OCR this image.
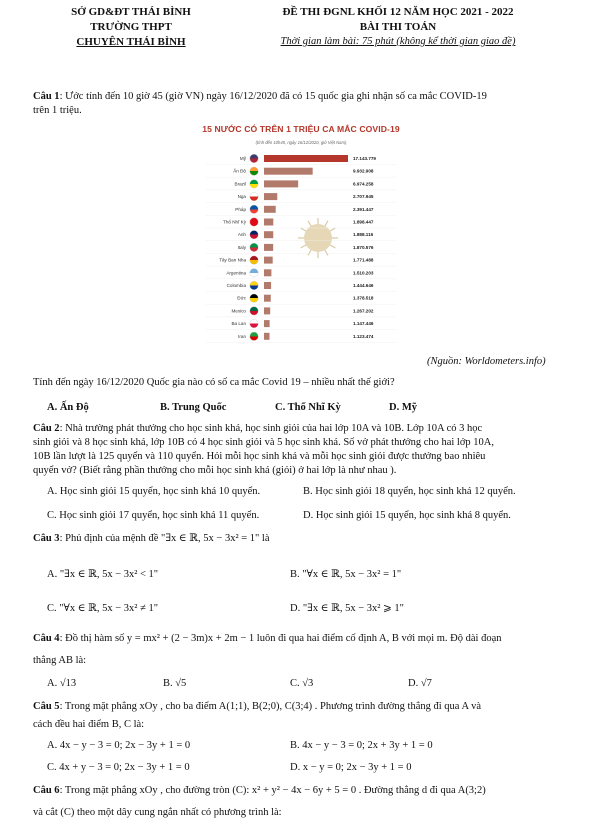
SỞ GD&ĐT THÁI BÌNH
TRƯỜNG THPT
CHUYÊN THÁI BÌNH
ĐỀ THI ĐGNL KHỐI 12 NĂM HỌC 2021 - 2022
BÀI THI TOÁN
Thời gian làm bài: 75 phút (không kể thời gian giao đề)
Câu 1: Ước tính đến 10 giờ 45 (giờ VN) ngày 16/12/2020 đã có 15 quốc gia ghi nhận số ca mắc COVID-19
trên 1 triệu.
15 NƯỚC CÓ TRÊN 1 TRIỆU CA MẮC COVID-19
(tính đến 10h45, ngày 16/12/2020, giờ Việt Nam)
Mỹ	17.143.779
Ấn Độ	9.932.908
Brazil	6.974.258
Nga	2.707.945
Pháp	2.391.447
Thổ Nhĩ Kỳ	1.898.447
Anh	1.888.116
Italy	1.870.576
Tây Ban Nha	1.771.488
Argentina	1.510.203
Colombia	1.444.646
Đức	1.378.518
Mexico	1.267.202
Ba Lan	1.147.446
Iran	1.123.474
(Nguồn: Worldometers.info)
Tính đến ngày 16/12/2020 Quốc gia nào có số ca mắc Covid 19 – nhiều nhất thế giới?
A. Ấn Độ	B. Trung Quốc	C. Thổ Nhĩ Kỳ	D. Mỹ
Câu 2: Nhà trường phát thưởng cho học sinh khá, học sinh giỏi của hai lớp 10A và 10B. Lớp 10A có 3 học
sinh giỏi và 8 học sinh khá, lớp 10B có 4 học sinh giỏi và 5 học sinh khá. Số vở phát thưởng cho hai lớp 10A,
10B lần lượt là 125 quyển và 110 quyển. Hỏi mỗi học sinh khá và mỗi học sinh giỏi được thưởng bao nhiêu
quyển vở? (Biết rằng phần thưởng cho mỗi học sinh khá (giỏi) ở hai lớp là như nhau ).
A. Học sinh giỏi 15 quyển, học sinh khá 10 quyển.	B. Học sinh giỏi 18 quyển, học sinh khá 12 quyển.
C. Học sinh giỏi 17 quyển, học sinh khá 11 quyển.	D. Học sinh giỏi 15 quyển, học sinh khá 8 quyển.
Câu 3: Phủ định của mệnh đề "∃x ∈ ℝ, 5x − 3x² = 1" là
A. "∃x ∈ ℝ, 5x − 3x² < 1"	B. "∀x ∈ ℝ, 5x − 3x² = 1"
C. "∀x ∈ ℝ, 5x − 3x² ≠ 1"	D. "∃x ∈ ℝ, 5x − 3x² ⩾ 1"
Câu 4: Đồ thị hàm số y = mx² + (2 − 3m)x + 2m − 1 luôn đi qua hai điểm cố định A, B với mọi m. Độ dài đoạn
thẳng AB là:
A. √13	B. √5	C. √3	D. √7
Câu 5: Trong mặt phẳng xOy , cho ba điểm A(1;1), B(2;0), C(3;4) . Phương trình đường thẳng đi qua A và
cách đều hai điểm B, C là:
A. 4x − y − 3 = 0; 2x − 3y + 1 = 0	B. 4x − y − 3 = 0; 2x + 3y + 1 = 0
C. 4x + y − 3 = 0; 2x − 3y + 1 = 0	D. x − y = 0; 2x − 3y + 1 = 0
Câu 6: Trong mặt phẳng xOy , cho đường tròn (C): x² + y² − 4x − 6y + 5 = 0 . Đường thẳng d đi qua A(3;2)
và cắt (C) theo một dây cung ngắn nhất có phương trình là:
